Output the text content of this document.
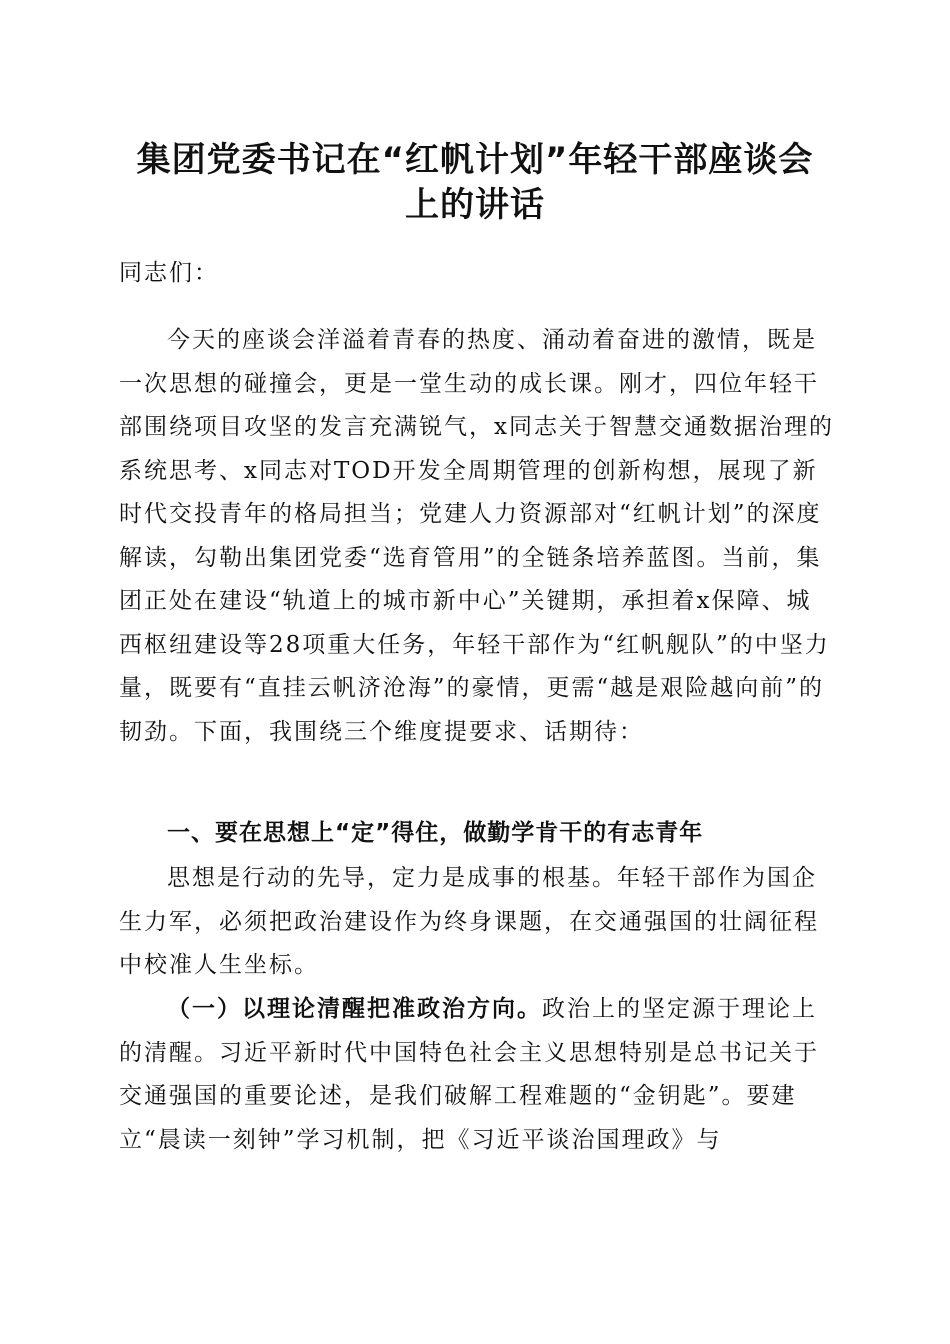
集团党委书记在“红帆计划”年轻干部座谈会
上的讲话

同志们：

今天的座谈会洋溢着青春的热度、涌动着奋进的激情，既是一次思想的碰撞会，更是一堂生动的成长课。刚才，四位年轻干部围绕项目攻坚的发言充满锐气，x同志关于智慧交通数据治理的系统思考、x同志对TOD开发全周期管理的创新构想，展现了新时代交投青年的格局担当；党建人力资源部对“红帆计划”的深度解读，勾勒出集团党委“选育管用”的全链条培养蓝图。当前，集团正处在建设“轨道上的城市新中心”关键期，承担着x保障、城西枢纽建设等28项重大任务，年轻干部作为“红帆舰队”的中坚力量，既要有“直挂云帆济沧海”的豪情，更需“越是艰险越向前”的韧劲。下面，我围绕三个维度提要求、话期待：

一、要在思想上“定”得住，做勤学肯干的有志青年

思想是行动的先导，定力是成事的根基。年轻干部作为国企生力军，必须把政治建设作为终身课题，在交通强国的壮阔征程中校准人生坐标。

（一）以理论清醒把准政治方向。政治上的坚定源于理论上的清醒。习近平新时代中国特色社会主义思想特别是总书记关于交通强国的重要论述，是我们破解工程难题的“金钥匙”。要建立“晨读一刻钟”学习机制，把《习近平谈治国理政》与
